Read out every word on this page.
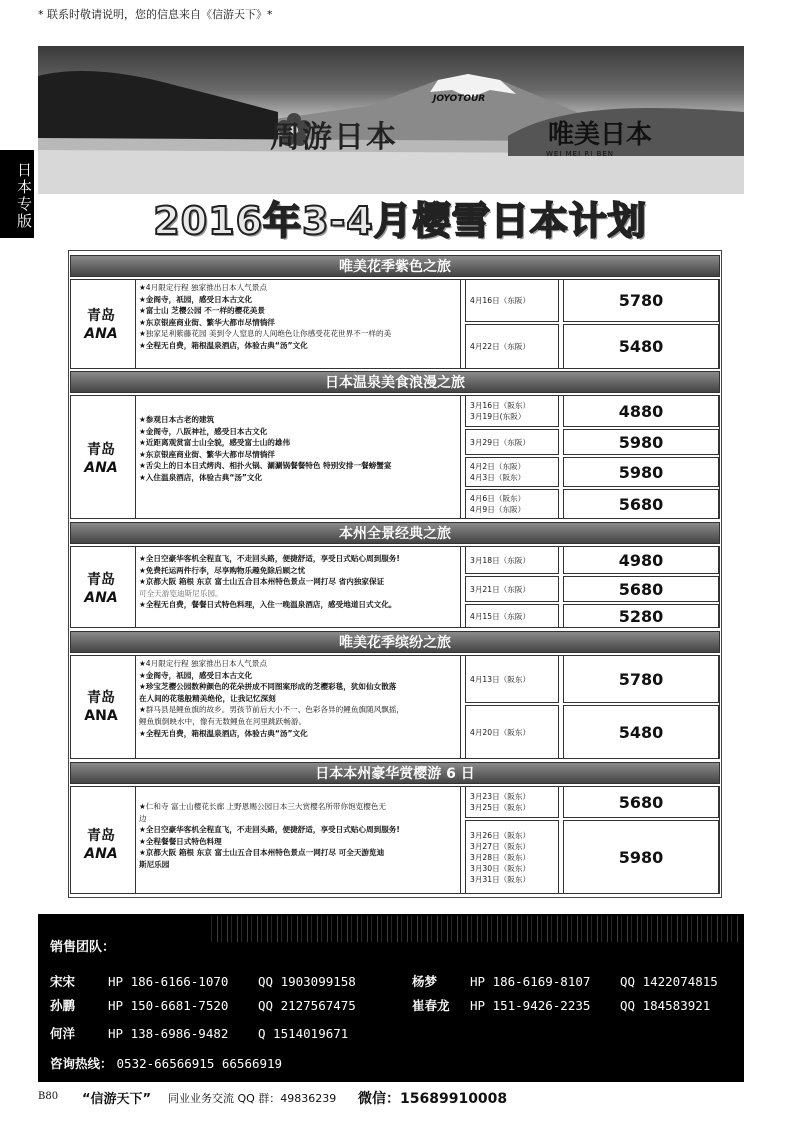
* 联系时敬请说明，您的信息来自《信游天下》*
JOYOTOUR
周游日本	唯美日本
WEI MEI RI BEN
日本专版	2016年3-4月樱雪日本计划
唯美花季紫色之旅
青岛
ANA
★4月限定行程 独家推出日本人气景点
★金阁寺，祇园，感受日本古文化
★富士山 芝樱公园 不一样的樱花美景
★东京银座商业街、繁华大都市尽情徜徉
★独家足利紫藤花园 美到令人窒息的人间绝色让你感受花花世界不一样的美
★全程无自费，箱根温泉酒店，体验古典“汤”文化
4月16日（东阪）	5780
4月22日（东阪）	5480
日本温泉美食浪漫之旅
青岛
ANA
★参观日本古老的建筑
★金阁寺，八阪神社，感受日本古文化
★近距离观赏富士山全貌，感受富士山的雄伟
★东京银座商业街、繁华大都市尽情徜徉
★舌尖上的日本日式烤肉、相扑火锅、涮涮锅餐餐特色 特别安排一餐螃蟹宴
★入住温泉酒店，体验古典“汤”文化
3月16日（阪东）
3月19日(东阪）	4880
3月29日（东阪）	5980
4月2日（东阪）
4月3日（阪东）	5980
4月6日（阪东）
4月9日（东阪）	5680
本州全景经典之旅
青岛
ANA
★全日空豪华客机全程直飞，不走回头路，便捷舒适，享受日式贴心周到服务!
★免费托运两件行李，尽享购物乐趣免除后顾之忧
★京都大阪 箱根 东京 富士山五合目本州特色景点一网打尽 省内独家保证
可全天游览迪斯尼乐园。
★全程无自费，餐餐日式特色料理，入住一晚温泉酒店，感受地道日式文化。
3月18日（东阪）	4980
3月21日（东阪）	5680
4月15日（东阪）	5280
唯美花季缤纷之旅
青岛
ANA
★4月限定行程 独家推出日本人气景点
★金阁寺，祇园，感受日本古文化
★珍宝芝樱公园数种颜色的花朵拼成不同图案形成的芝樱彩毯，犹如仙女散落
在人间的花毯般精美绝伦，让我记忆深刻
★群马县是鲤鱼旗的故乡。男孩节前后大小不一、色彩各异的鲤鱼旗随风飘摇，
鲤鱼旗倒映水中，像有无数鲤鱼在河里跳跃畅游。
★全程无自费，箱根温泉酒店，体验古典“汤”文化
4月13日（阪东）	5780
4月20日（阪东）	5480
日本本州豪华赏樱游 6 日
青岛
ANA
★仁和寺 富士山樱花长廊 上野恩赐公园日本三大赏樱名所带你饱览樱色无
边
★全日空豪华客机全程直飞，不走回头路，便捷舒适，享受日式贴心周到服务!
★全程餐餐日式特色料理
★京都大阪 箱根 东京 富士山五合目本州特色景点一网打尽 可全天游览迪
斯尼乐园
3月23日（阪东）
3月25日（阪东）	5680
3月26日（阪东）
3月27日（阪东）
3月28日（阪东）
3月30日（阪东）
3月31日（阪东）
5980
销售团队：
宋宋	HP 186-6166-1070 QQ 1903099158	杨梦	HP 186-6169-8107 QQ 1422074815
孙鹏	HP 150-6681-7520 QQ 2127567475	崔春龙 HP 151-9426-2235 QQ 184583921
何洋	HP 138-6986-9482 Q 1514019671
咨询热线： 0532-66566915 66566919
B80 “信游天下” 同业业务交流 QQ 群：49836239 微信：15689910008
